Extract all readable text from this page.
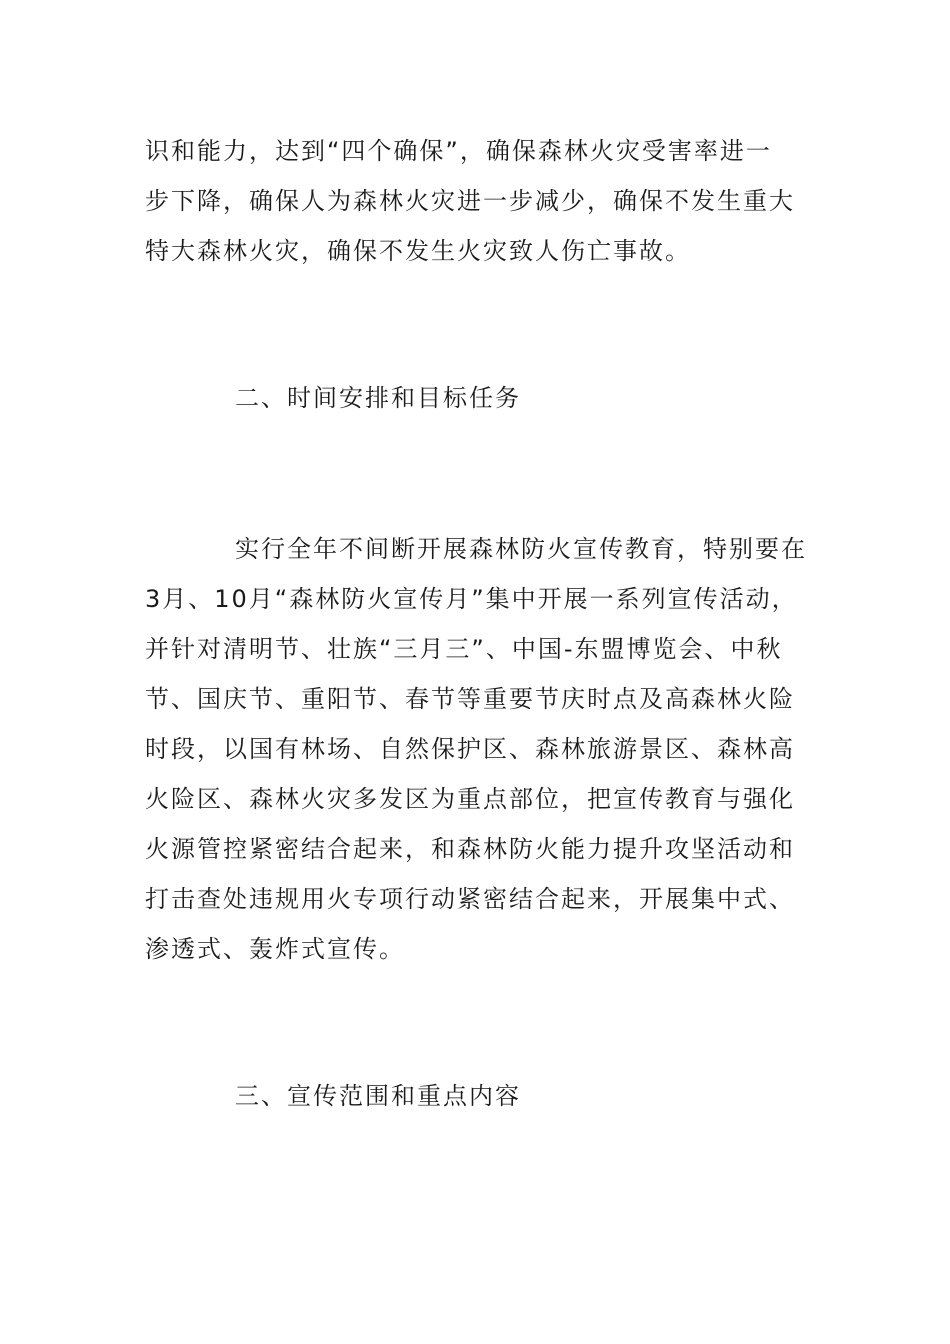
识和能力，达到“四个确保”，确保森林火灾受害率进一
步下降，确保人为森林火灾进一步减少，确保不发生重大
特大森林火灾，确保不发生火灾致人伤亡事故。
二、时间安排和目标任务
实行全年不间断开展森林防火宣传教育，特别要在
3月、10月“森林防火宣传月”集中开展一系列宣传活动，
并针对清明节、壮族“三月三”、中国-东盟博览会、中秋
节、国庆节、重阳节、春节等重要节庆时点及高森林火险
时段，以国有林场、自然保护区、森林旅游景区、森林高
火险区、森林火灾多发区为重点部位，把宣传教育与强化
火源管控紧密结合起来，和森林防火能力提升攻坚活动和
打击查处违规用火专项行动紧密结合起来，开展集中式、
渗透式、轰炸式宣传。
三、宣传范围和重点内容
